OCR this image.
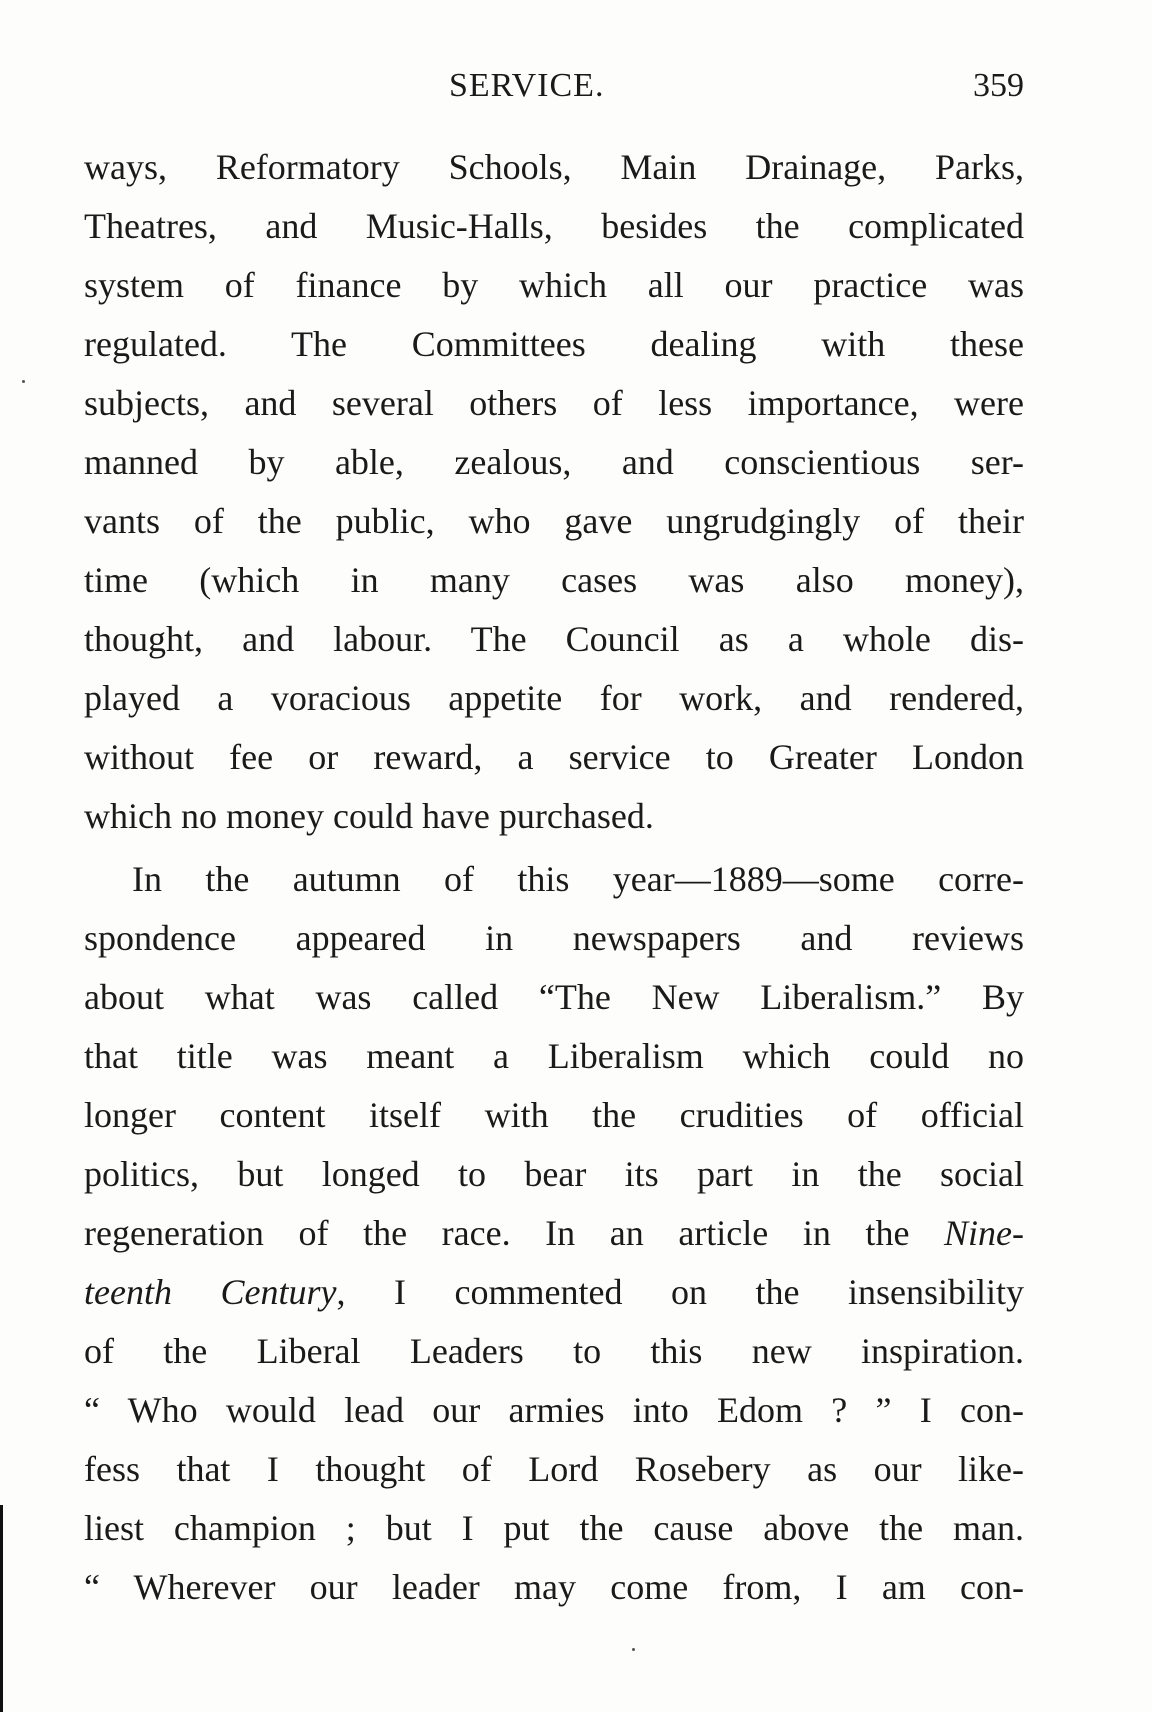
SERVICE.	359
ways, Reformatory Schools, Main Drainage, Parks,
Theatres, and Music-Halls, besides the complicated
system of finance by which all our practice was
regulated. The Committees dealing with these
subjects, and several others of less importance, were
manned by able, zealous, and conscientious ser-
vants of the public, who gave ungrudgingly of their
time (which in many cases was also money),
thought, and labour. The Council as a whole dis-
played a voracious appetite for work, and rendered,
without fee or reward, a service to Greater London
which no money could have purchased.
In the autumn of this year—1889—some corre-
spondence appeared in newspapers and reviews
about what was called “The New Liberalism.” By
that title was meant a Liberalism which could no
longer content itself with the crudities of official
politics, but longed to bear its part in the social
regeneration of the race. In an article in the Nine-
teenth Century, I commented on the insensibility
of the Liberal Leaders to this new inspiration.
“ Who would lead our armies into Edom ? ” I con-
fess that I thought of Lord Rosebery as our like-
liest champion ; but I put the cause above the man.
“ Wherever our leader may come from, I am con-
